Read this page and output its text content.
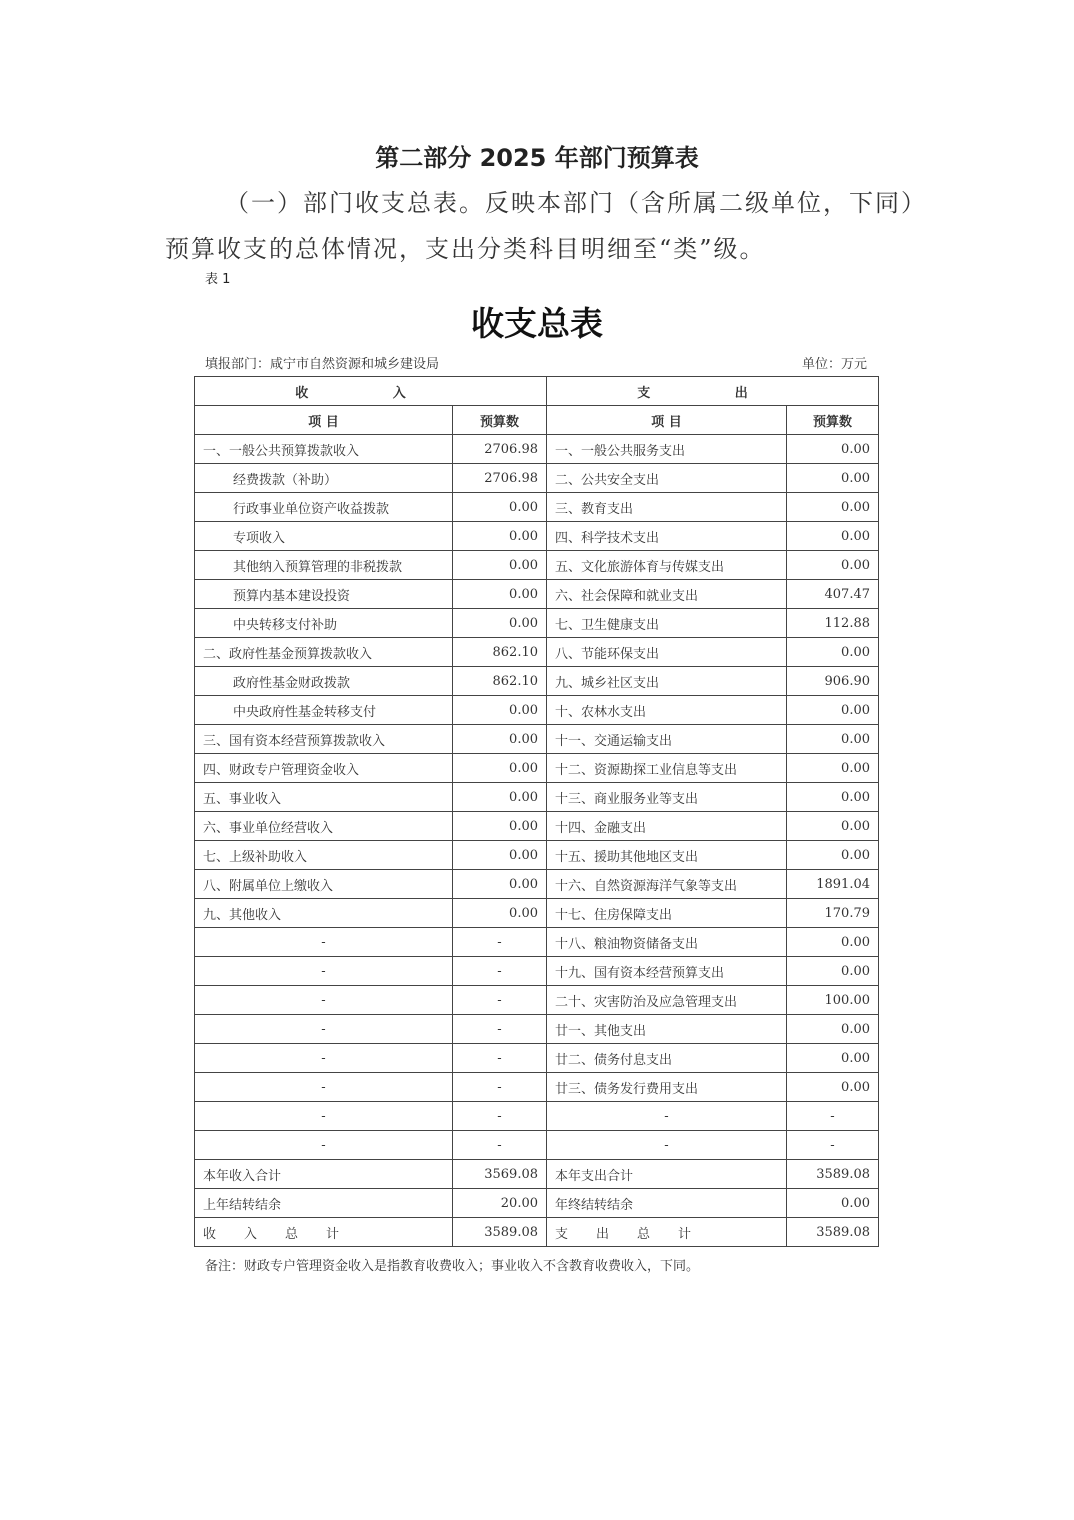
第二部分 2025 年部门预算表
（一）部门收支总表。反映本部门（含所属二级单位，下同）预算收支的总体情况，支出分类科目明细至“类”级。
表 1
收支总表
填报部门：咸宁市自然资源和城乡建设局	单位：万元
收 入		支 出	
项 目	预算数	项 目	预算数
一、一般公共预算拨款收入	2706.98	一、一般公共服务支出	0.00
经费拨款（补助）	2706.98	二、公共安全支出	0.00
行政事业单位资产收益拨款	0.00	三、教育支出	0.00
专项收入	0.00	四、科学技术支出	0.00
其他纳入预算管理的非税拨款	0.00	五、文化旅游体育与传媒支出	0.00
预算内基本建设投资	0.00	六、社会保障和就业支出	407.47
中央转移支付补助	0.00	七、卫生健康支出	112.88
二、政府性基金预算拨款收入	862.10	八、节能环保支出	0.00
政府性基金财政拨款	862.10	九、城乡社区支出	906.90
中央政府性基金转移支付	0.00	十、农林水支出	0.00
三、国有资本经营预算拨款收入	0.00	十一、交通运输支出	0.00
四、财政专户管理资金收入	0.00	十二、资源勘探工业信息等支出	0.00
五、事业收入	0.00	十三、商业服务业等支出	0.00
六、事业单位经营收入	0.00	十四、金融支出	0.00
七、上级补助收入	0.00	十五、援助其他地区支出	0.00
八、附属单位上缴收入	0.00	十六、自然资源海洋气象等支出	1891.04
九、其他收入	0.00	十七、住房保障支出	170.79
-	-	十八、粮油物资储备支出	0.00
-	-	十九、国有资本经营预算支出	0.00
-	-	二十、灾害防治及应急管理支出	100.00
-	-	廿一、其他支出	0.00
-	-	廿二、债务付息支出	0.00
-	-	廿三、债务发行费用支出	0.00
-	-	-	-
-	-	-	-
本年收入合计	3569.08	本年支出合计	3589.08
上年结转结余	20.00	年终结转结余	0.00
收入总计	3589.08	支出总计	3589.08
备注：财政专户管理资金收入是指教育收费收入；事业收入不含教育收费收入，下同。
